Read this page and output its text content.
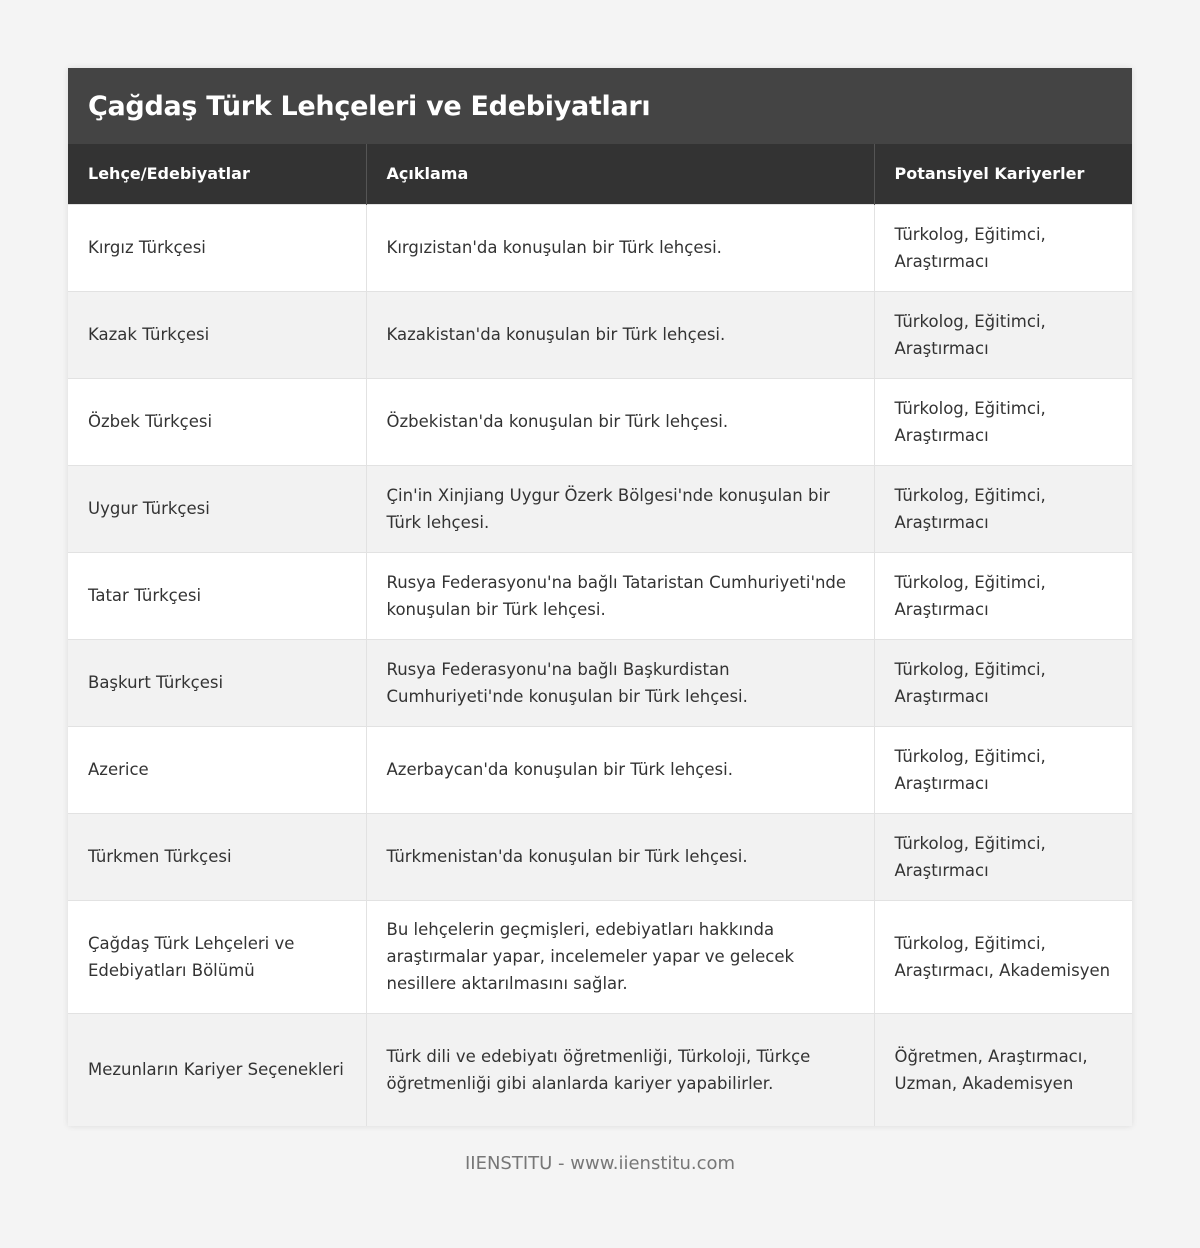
Çağdaş Türk Lehçeleri ve Edebiyatları
Lehçe/Edebiyatlar	Açıklama	Potansiyel Kariyerler
Kırgız Türkçesi	Kırgızistan'da konuşulan bir Türk lehçesi.	Türkolog, Eğitimci, Araştırmacı
Kazak Türkçesi	Kazakistan'da konuşulan bir Türk lehçesi.	Türkolog, Eğitimci, Araştırmacı
Özbek Türkçesi	Özbekistan'da konuşulan bir Türk lehçesi.	Türkolog, Eğitimci, Araştırmacı
Uygur Türkçesi	Çin'in Xinjiang Uygur Özerk Bölgesi'nde konuşulan bir Türk lehçesi.	Türkolog, Eğitimci, Araştırmacı
Tatar Türkçesi	Rusya Federasyonu'na bağlı Tataristan Cumhuriyeti'nde konuşulan bir Türk lehçesi.	Türkolog, Eğitimci, Araştırmacı
Başkurt Türkçesi	Rusya Federasyonu'na bağlı Başkurdistan Cumhuriyeti'nde konuşulan bir Türk lehçesi.	Türkolog, Eğitimci, Araştırmacı
Azerice	Azerbaycan'da konuşulan bir Türk lehçesi.	Türkolog, Eğitimci, Araştırmacı
Türkmen Türkçesi	Türkmenistan'da konuşulan bir Türk lehçesi.	Türkolog, Eğitimci, Araştırmacı
Çağdaş Türk Lehçeleri ve Edebiyatları Bölümü	Bu lehçelerin geçmişleri, edebiyatları hakkında araştırmalar yapar, incelemeler yapar ve gelecek nesillere aktarılmasını sağlar.	Türkolog, Eğitimci, Araştırmacı, Akademisyen
Mezunların Kariyer Seçenekleri	Türk dili ve edebiyatı öğretmenliği, Türkoloji, Türkçe öğretmenliği gibi alanlarda kariyer yapabilirler.	Öğretmen, Araştırmacı, Uzman, Akademisyen
IIENSTITU - www.iienstitu.com
